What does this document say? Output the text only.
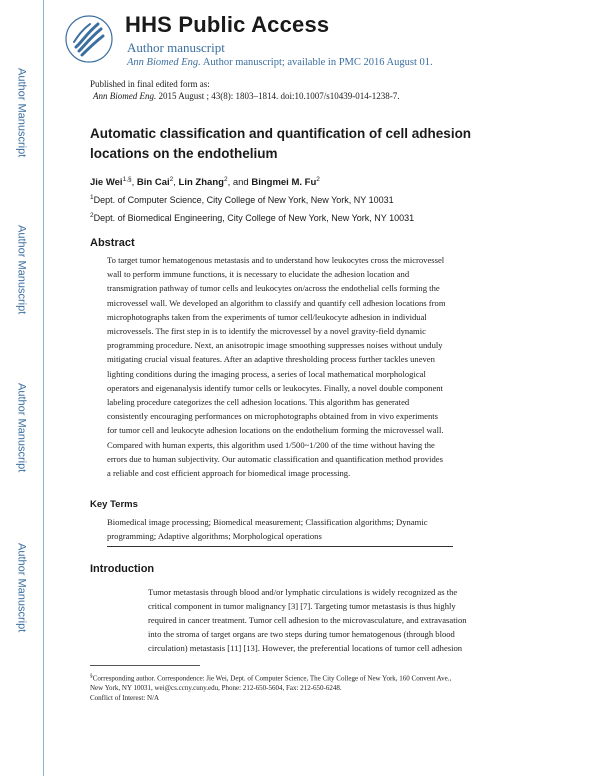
Author Manuscript
Author Manuscript
Author Manuscript
Author Manuscript
HHS Public Access
Author manuscript
Ann Biomed Eng. Author manuscript; available in PMC 2016 August 01.
Published in final edited form as:
Ann Biomed Eng. 2015 August ; 43(8): 1803–1814. doi:10.1007/s10439-014-1238-7.
Automatic classification and quantification of cell adhesion locations on the endothelium
Jie Wei$^{1,\S}$, Bin Cai$^2$, Lin Zhang$^2$, and Bingmei M. Fu$^2$
$^1$Dept. of Computer Science, City College of New York, New York, NY 10031
$^2$Dept. of Biomedical Engineering, City College of New York, New York, NY 10031
Abstract
To target tumor hematogenous metastasis and to understand how leukocytes cross the microvessel
wall to perform immune functions, it is necessary to elucidate the adhesion location and
transmigration pathway of tumor cells and leukocytes on/across the endothelial cells forming the
microvessel wall. We developed an algorithm to classify and quantify cell adhesion locations from
microphotographs taken from the experiments of tumor cell/leukocyte adhesion in individual
microvessels. The first step in is to identify the microvessel by a novel gravity-field dynamic
programming procedure. Next, an anisotropic image smoothing suppresses noises without unduly
mitigating crucial visual features. After an adaptive thresholding process further tackles uneven
lighting conditions during the imaging process, a series of local mathematical morphological
operators and eigenanalysis identify tumor cells or leukocytes. Finally, a novel double component
labeling procedure categorizes the cell adhesion locations. This algorithm has generated
consistently encouraging performances on microphotographs obtained from in vivo experiments
for tumor cell and leukocyte adhesion locations on the endothelium forming the microvessel wall.
Compared with human experts, this algorithm used 1/500~1/200 of the time without having the
errors due to human subjectivity. Our automatic classification and quantification method provides
a reliable and cost efficient approach for biomedical image processing.
Key Terms
Biomedical image processing; Biomedical measurement; Classification algorithms; Dynamic
programming; Adaptive algorithms; Morphological operations
Introduction
Tumor metastasis through blood and/or lymphatic circulations is widely recognized as the
critical component in tumor malignancy [3] [7]. Targeting tumor metastasis is thus highly
required in cancer treatment. Tumor cell adhesion to the microvasculature, and extravasation
into the stroma of target organs are two steps during tumor hematogenous (through blood
circulation) metastasis [11] [13]. However, the preferential locations of tumor cell adhesion
§Corresponding author. Correspondence: Jie Wei, Dept. of Computer Science, The City College of New York, 160 Convent Ave.,
New York, NY 10031, wei@cs.ccny.cuny.edu, Phone: 212-650-5604, Fax: 212-650-6248.
Conflict of Interest: N/A
